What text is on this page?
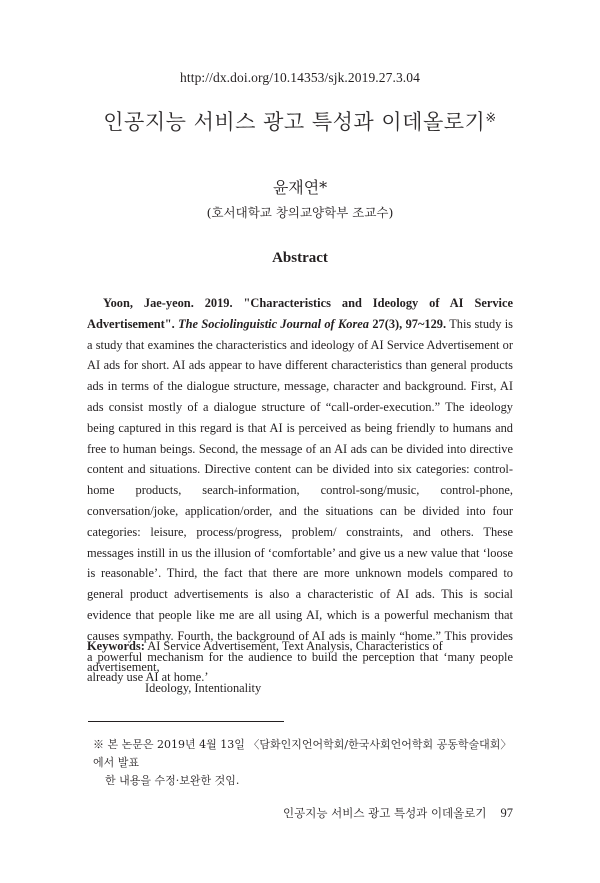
http://dx.doi.org/10.14353/sjk.2019.27.3.04
인공지능 서비스 광고 특성과 이데올로기※
윤재연*
(호서대학교 창의교양학부 조교수)
Abstract
Yoon, Jae-yeon. 2019. "Characteristics and Ideology of AI Service Advertisement". The Sociolinguistic Journal of Korea 27(3), 97~129. This study is a study that examines the characteristics and ideology of AI Service Advertisement or AI ads for short. AI ads appear to have different characteristics than general products ads in terms of the dialogue structure, message, character and background. First, AI ads consist mostly of a dialogue structure of “call-order-execution.” The ideology being captured in this regard is that AI is perceived as being friendly to humans and free to human beings. Second, the message of an AI ads can be divided into directive content and situations. Directive content can be divided into six categories: control-home products, search-information, control-song/music, control-phone, conversation/joke, application/order, and the situations can be divided into four categories: leisure, process/progress, problem/ constraints, and others. These messages instill in us the illusion of ‘comfortable’ and give us a new value that ‘loose is reasonable’. Third, the fact that there are more unknown models compared to general product advertisements is also a characteristic of AI ads. This is social evidence that people like me are all using AI, which is a powerful mechanism that causes sympathy. Fourth, the background of AI ads is mainly “home.” This provides a powerful mechanism for the audience to build the perception that ‘many people already use AI at home.’
Keywords: AI Service Advertisement, Text Analysis, Characteristics of advertisement,
Ideology, Intentionality
※ 본 논문은 2019년 4월 13일 〈담화인지언어학회/한국사회언어학회 공동학술대회〉에서 발표
한 내용을 수정·보완한 것임.
인공지능 서비스 광고 특성과 이데올로기 97
